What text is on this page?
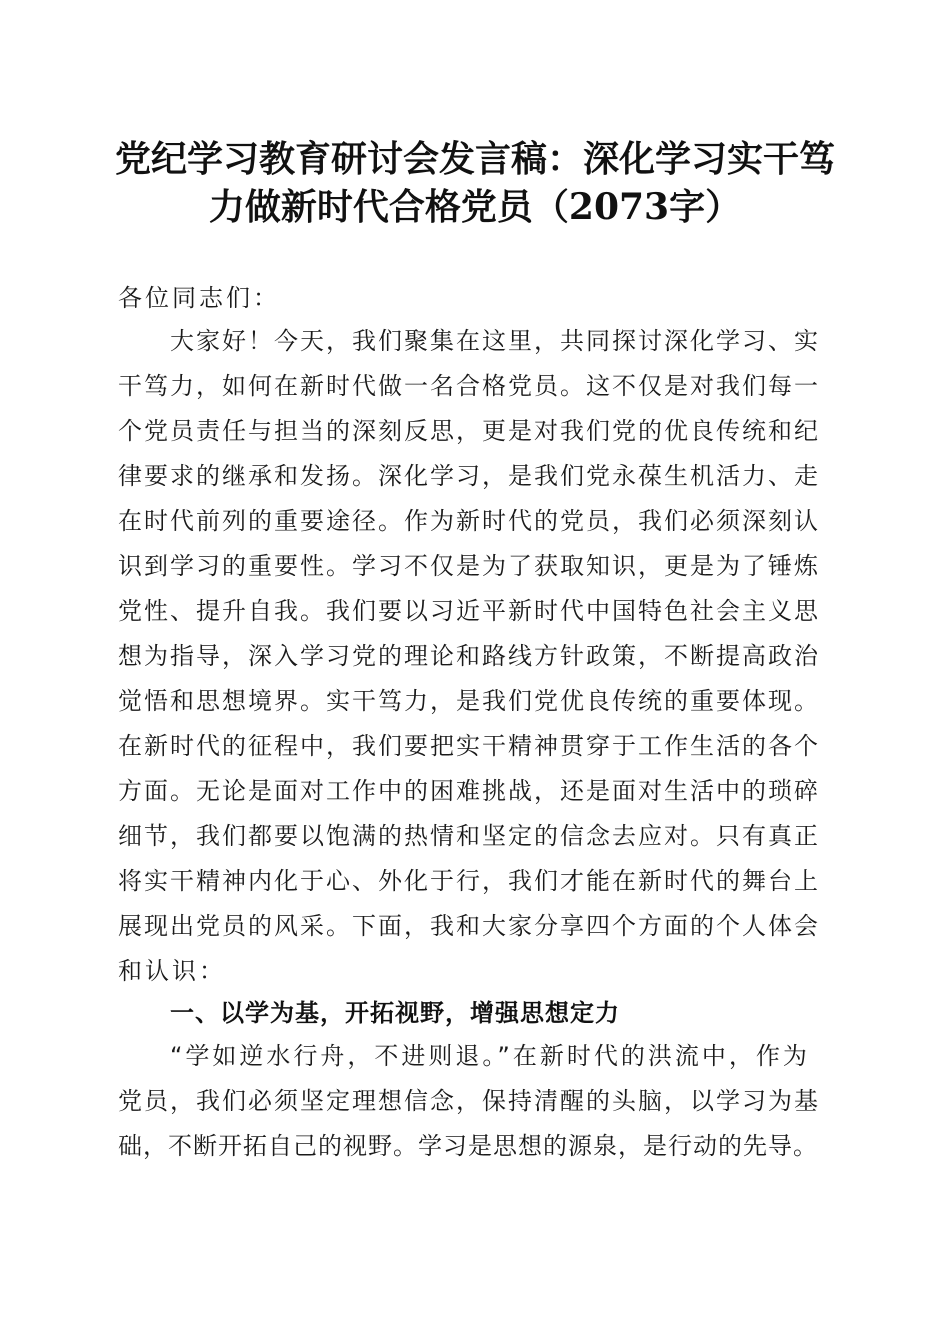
党纪学习教育研讨会发言稿：深化学习实干笃
力做新时代合格党员（2073字）
各位同志们：
大家好！今天，我们聚集在这里，共同探讨深化学习、实
干笃力，如何在新时代做一名合格党员。这不仅是对我们每一
个党员责任与担当的深刻反思，更是对我们党的优良传统和纪
律要求的继承和发扬。深化学习，是我们党永葆生机活力、走
在时代前列的重要途径。作为新时代的党员，我们必须深刻认
识到学习的重要性。学习不仅是为了获取知识，更是为了锤炼
党性、提升自我。我们要以习近平新时代中国特色社会主义思
想为指导，深入学习党的理论和路线方针政策，不断提高政治
觉悟和思想境界。实干笃力，是我们党优良传统的重要体现。
在新时代的征程中，我们要把实干精神贯穿于工作生活的各个
方面。无论是面对工作中的困难挑战，还是面对生活中的琐碎
细节，我们都要以饱满的热情和坚定的信念去应对。只有真正
将实干精神内化于心、外化于行，我们才能在新时代的舞台上
展现出党员的风采。下面，我和大家分享四个方面的个人体会
和认识：
一、以学为基，开拓视野，增强思想定力
“学如逆水行舟，不进则退。”在新时代的洪流中，作为
党员，我们必须坚定理想信念，保持清醒的头脑，以学习为基
础，不断开拓自己的视野。学习是思想的源泉，是行动的先导。
